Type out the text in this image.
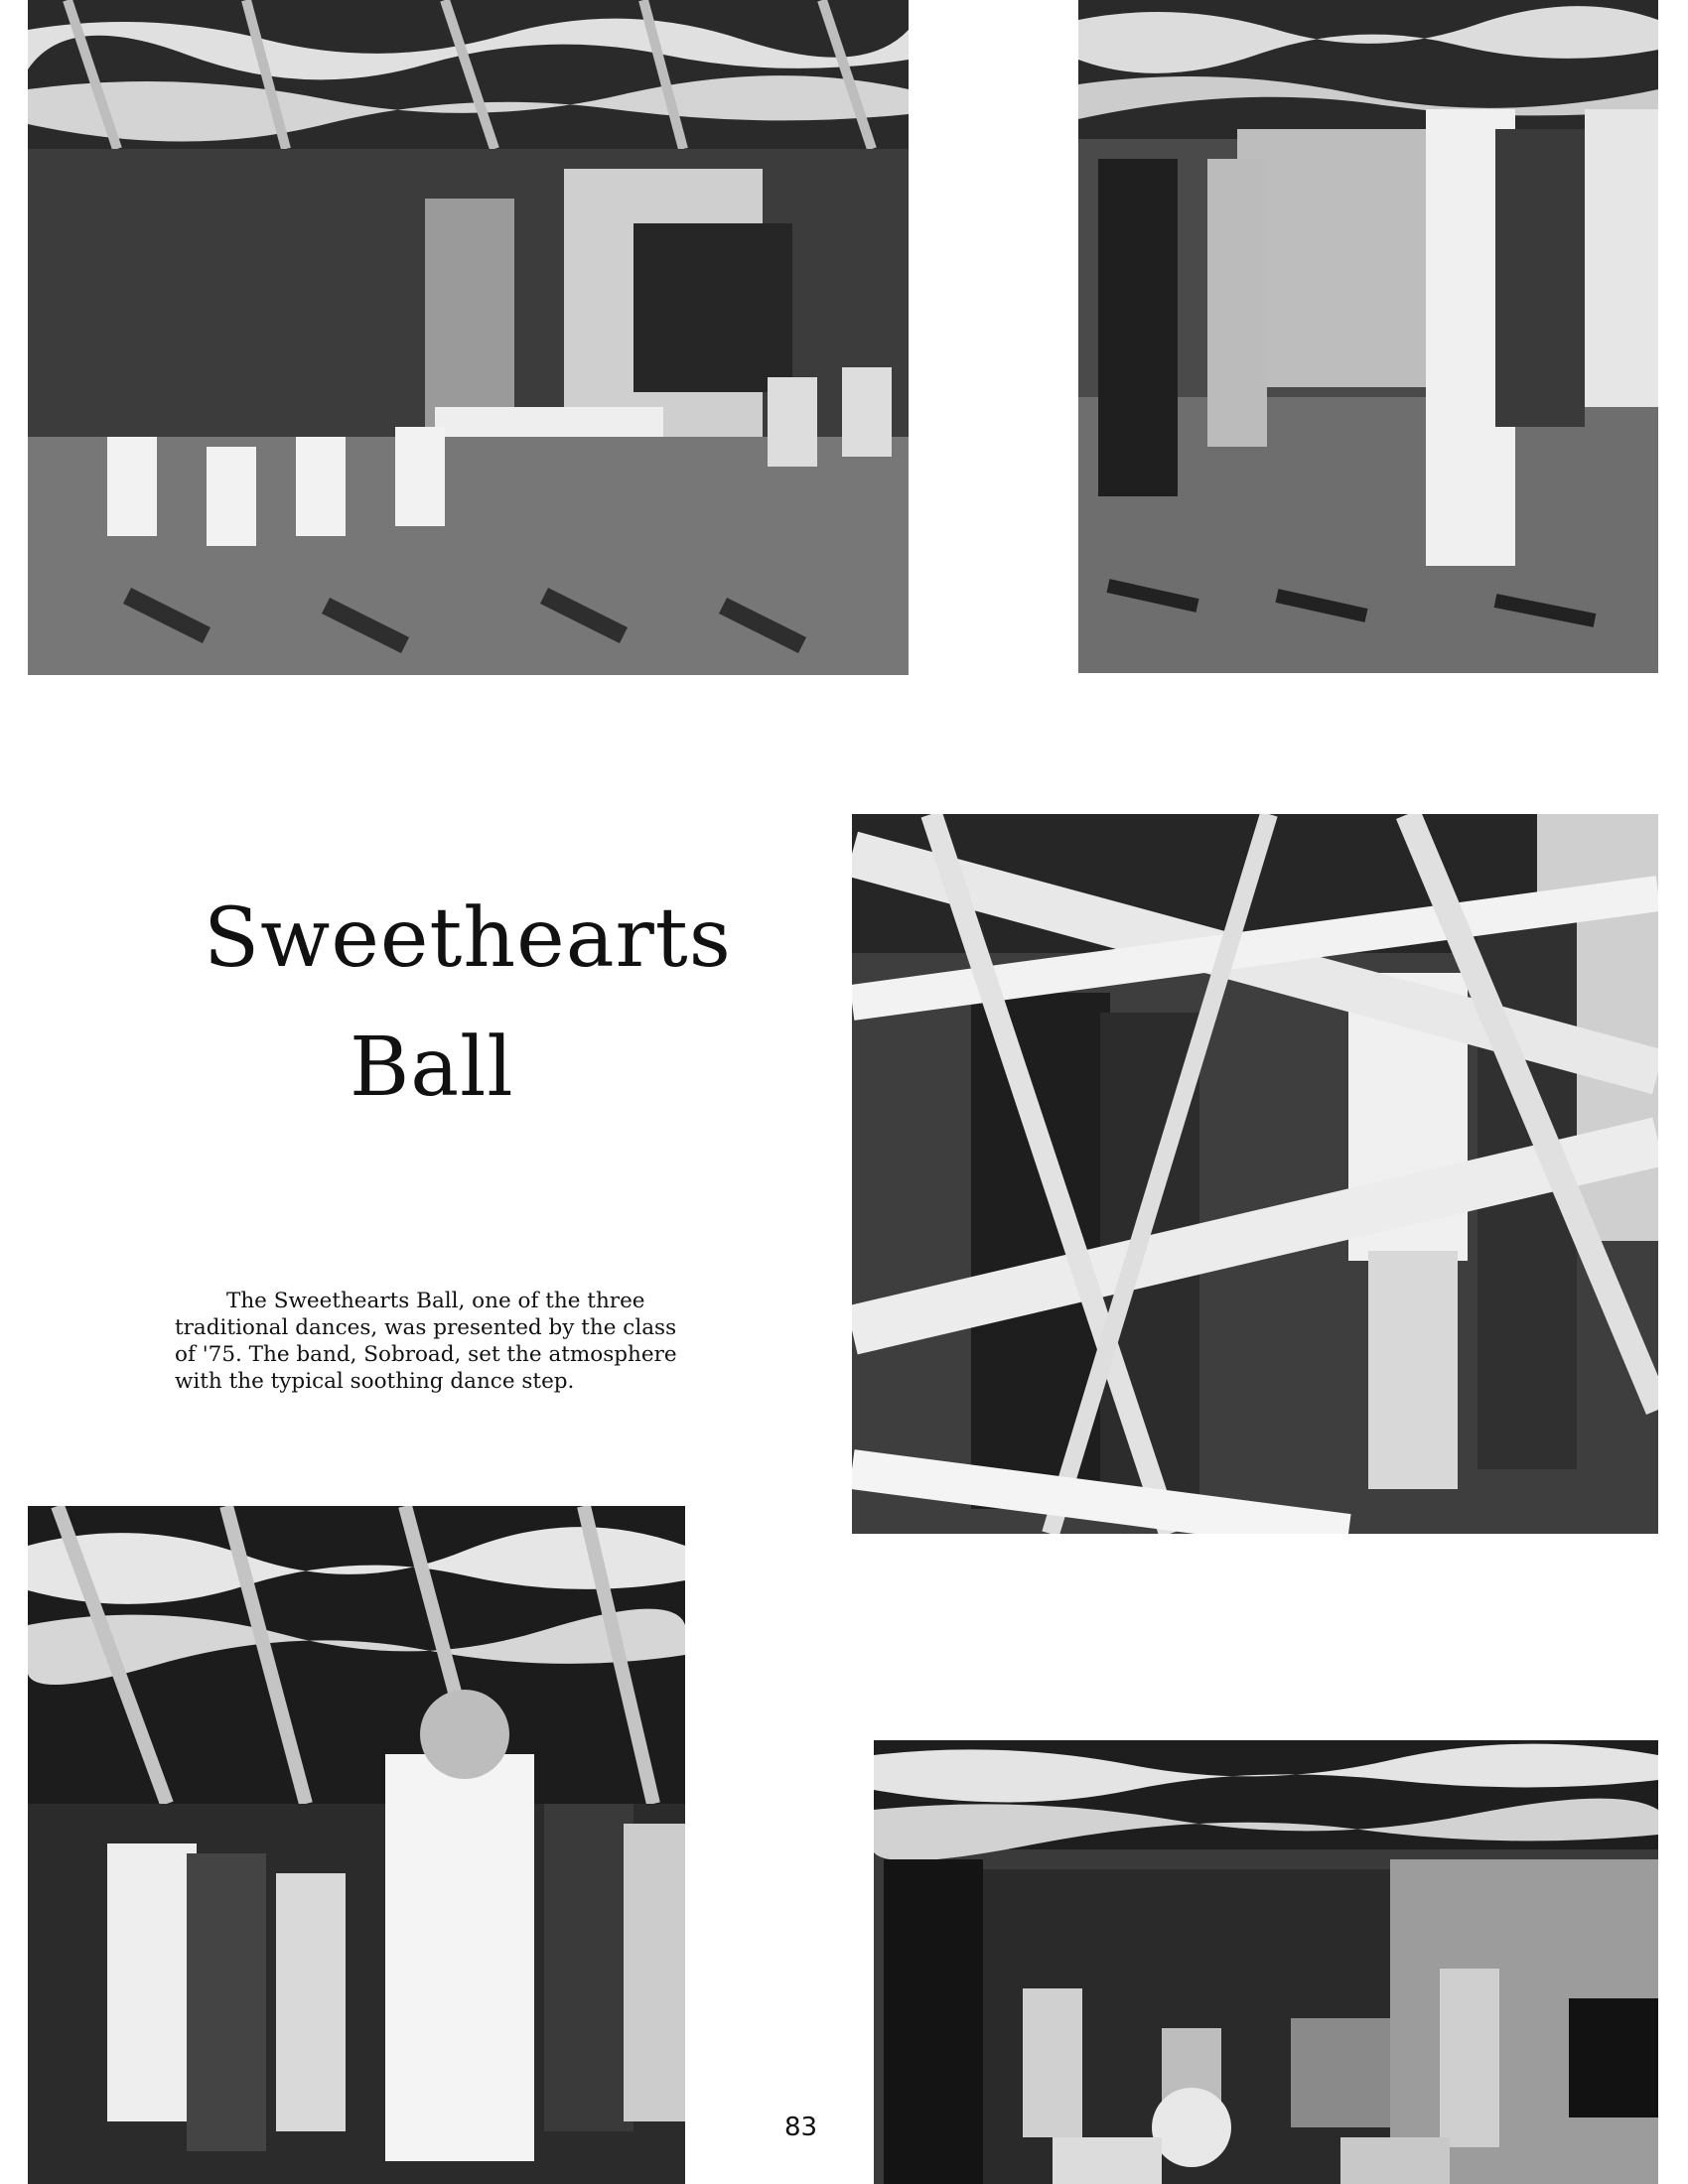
Sweethearts
Ball

The Sweethearts Ball, one of the three traditional dances, was presented by the class of '75. The band, Sobroad, set the atmosphere with the typical soothing dance step.

83
